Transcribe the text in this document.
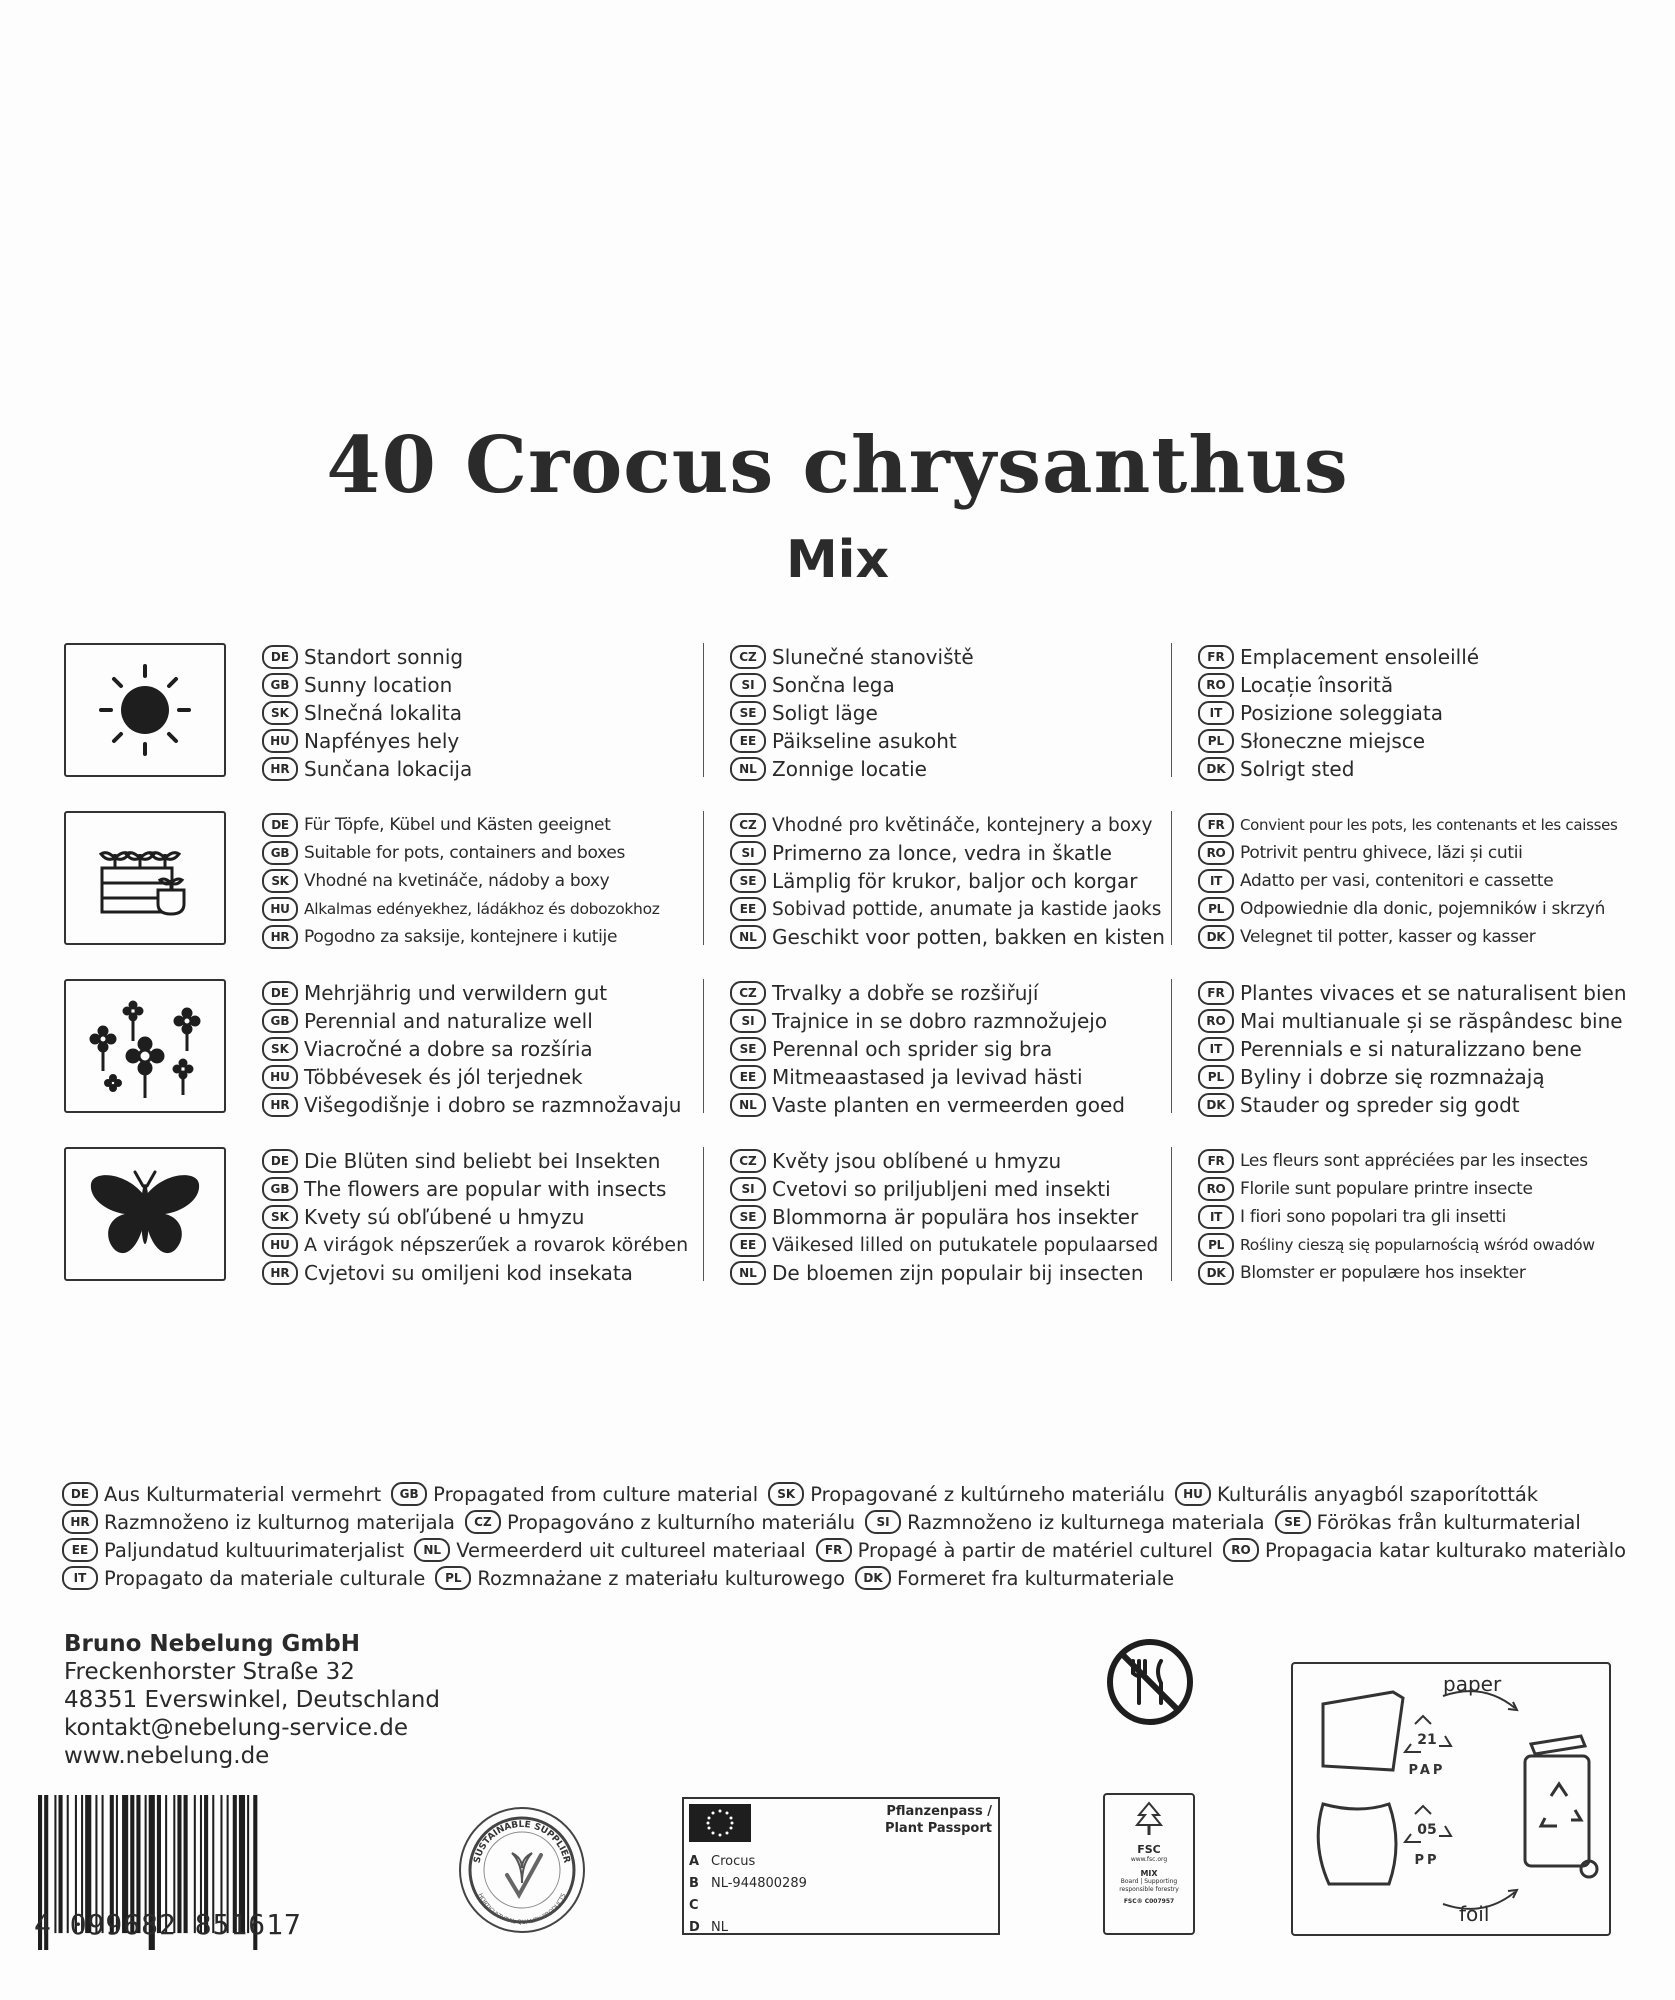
40 Crocus chrysanthus
Mix
DE Standort sonnig
GB Sunny location
SK Slnečná lokalita
HU Napfényes hely
HR Sunčana lokacija
CZ Slunečné stanoviště
SI Sončna lega
SE Soligt läge
EE Päikseline asukoht
NL Zonnige locatie
FR Emplacement ensoleillé
RO Locație însorită
IT Posizione soleggiata
PL Słoneczne miejsce
DK Solrigt sted
DE Für Töpfe, Kübel und Kästen geeignet
GB Suitable for pots, containers and boxes
SK Vhodné na kvetináče, nádoby a boxy
HU Alkalmas edényekhez, ládákhoz és dobozokhoz
HR Pogodno za saksije, kontejnere i kutije
CZ Vhodné pro květináče, kontejnery a boxy
SI Primerno za lonce, vedra in škatle
SE Lämplig för krukor, baljor och korgar
EE Sobivad pottide, anumate ja kastide jaoks
NL Geschikt voor potten, bakken en kisten
FR	Convient pour les pots, les contenants et les caisses
RO Potrivit pentru ghivece, lăzi și cutii
IT	Adatto per vasi, contenitori e cassette
PL Odpowiednie dla donic, pojemników i skrzyń
DK Velegnet til potter, kasser og kasser
DE Mehrjährig und verwildern gut
GB Perennial and naturalize well
SK Viacročné a dobre sa rozšíria
HU Többévesek és jól terjednek
HR Višegodišnje i dobro se razmnožavaju
CZ Trvalky a dobře se rozšiřují
SI Trajnice in se dobro razmnožujejo
SE Perennal och sprider sig bra
EE Mitmeaastased ja levivad hästi
NL Vaste planten en vermeerden goed
FR Plantes vivaces et se naturalisent bien
RO Mai multianuale și se răspândesc bine
IT Perennials e si naturalizzano bene
PL Byliny i dobrze się rozmnażają
DK Stauder og spreder sig godt
DE Die Blüten sind beliebt bei Insekten
GB The flowers are popular with insects
SK Kvety sú obľúbené u hmyzu
HU A virágok népszerűek a rovarok körében
HR Cvjetovi su omiljeni kod insekata
CZ Květy jsou oblíbené u hmyzu
SI Cvetovi so priljubljeni med insekti
SE Blommorna är populära hos insekter
EE Väikesed lilled on putukatele populaarsed
NL De bloemen zijn populair bij insecten
FR Les fleurs sont appréciées par les insectes
RO Florile sunt populare printre insecte
IT	I fiori sono popolari tra gli insetti
PL	Rośliny cieszą się popularnością wśród owadów
DK Blomster er populære hos insekter
DE Aus Kulturmaterial vermehrt	GB Propagated from culture material	SK Propagované z kultúrneho materiálu	HU Kulturális anyagból szaporították
HR Razmnoženo iz kulturnog materijala	CZ Propagováno z kulturního materiálu	SI Razmnoženo iz kulturnega materiala	SE Förökas från kulturmaterial
EE Paljundatud kultuurimaterjalist	NL Vermeerderd uit cultureel materiaal	FR Propagé à partir de matériel culturel	RO Propagacia katar kulturako materiàlo
IT Propagato da materiale culturale	PL Rozmnażane z materiału kulturowego	DK Formeret fra kulturmateriale
Bruno Nebelung GmbH
Freckenhorster Straße 32
48351 Everswinkel, Deutschland
kontakt@nebelung-service.de
www.nebelung.de
4 099682 851617
SUSTAINABLE SUPPLIER
HORTICULTURAL QUALITY PRODUCTS
Pflanzenpass /
Plant Passport
A Crocus
B NL-944800289
C
D NL
FSC
www.fsc.org
MIX
Board | Supporting responsible forestry
FSC® C007957
paper
foil
21
PAP
05
PP
